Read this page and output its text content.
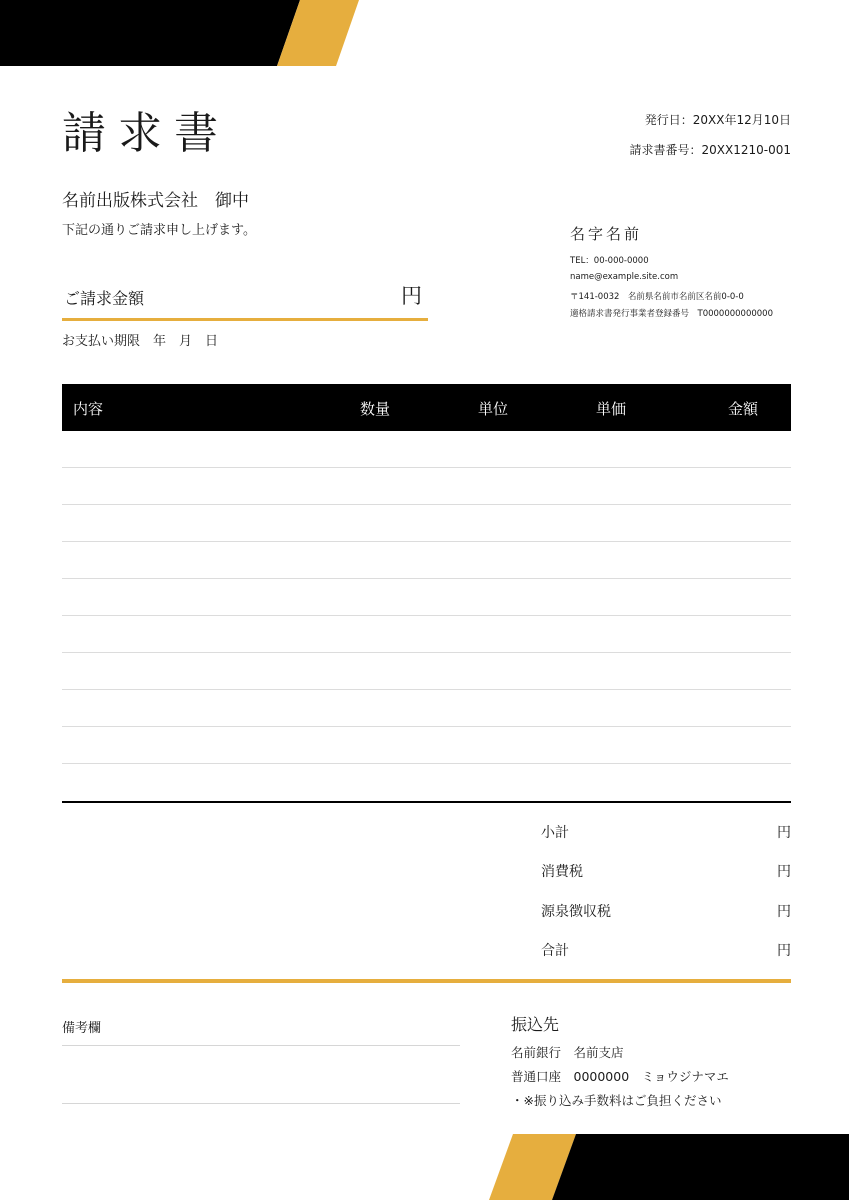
請求書	発行日：20XX年12月10日
請求書番号：20XX1210-001
名前出版株式会社　御中
下記の通りご請求申し上げます。
ご請求金額	円
お支払い期限　年　月　日
名字名前
TEL：00-000-0000
name@example.site.com
〒141-0032　名前県名前市名前区名前0-0-0
適格請求書発行事業者登録番号　T0000000000000
内容	数量	単位	単価	金額
小計	円
消費税	円
源泉徴収税	円
合計	円
備考欄	振込先
名前銀行　名前支店
普通口座　0000000　ミョウジナマエ
・※振り込み手数料はご負担ください
